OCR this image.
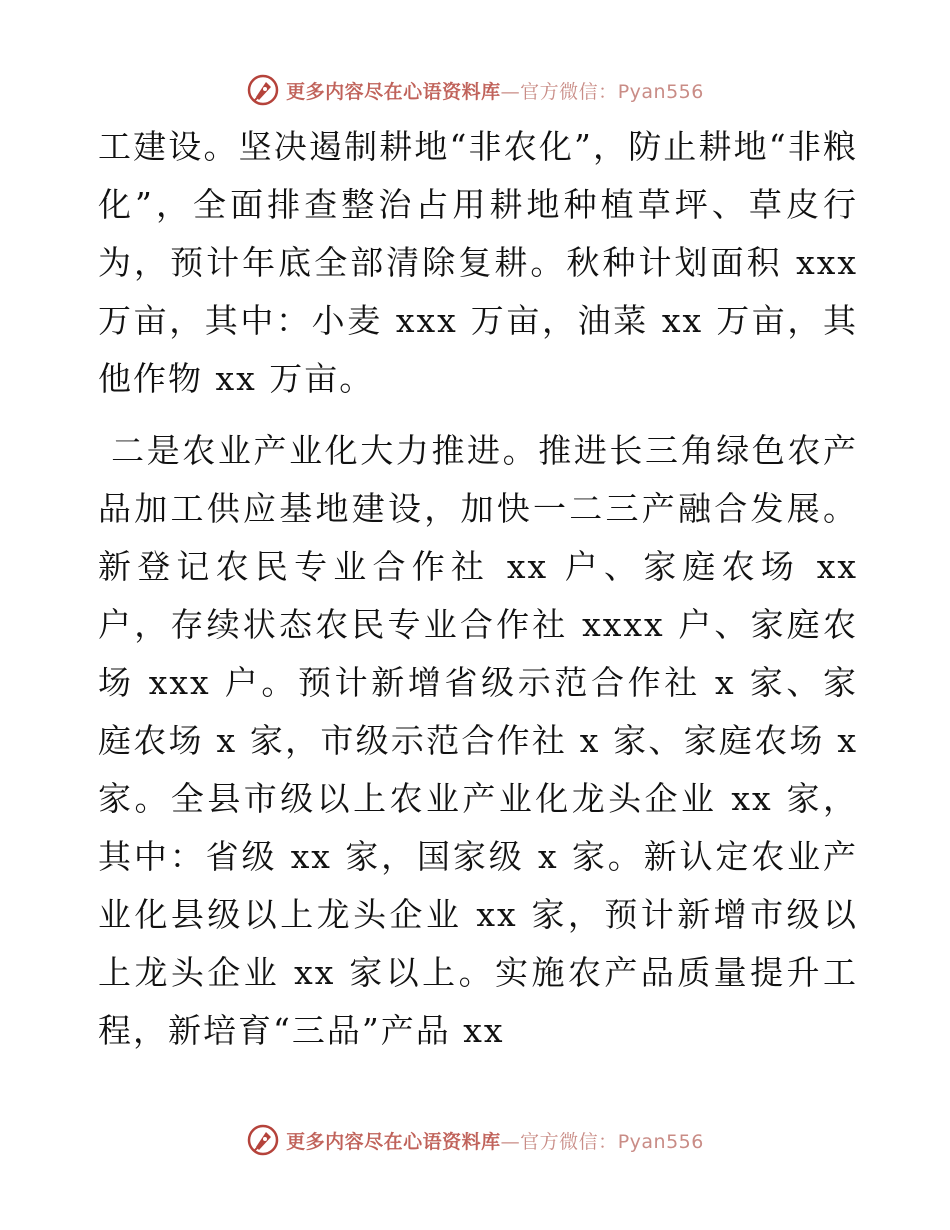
更多内容尽在心语资料库—官方微信：Pyan556

工建设。坚决遏制耕地“非农化”，防止耕地“非粮化”，全面排查整治占用耕地种植草坪、草皮行为，预计年底全部清除复耕。秋种计划面积 xxx 万亩，其中：小麦 xxx 万亩，油菜 xx 万亩，其他作物 xx 万亩。

二是农业产业化大力推进。推进长三角绿色农产品加工供应基地建设，加快一二三产融合发展。新登记农民专业合作社 xx 户、家庭农场 xx 户，存续状态农民专业合作社 xxxx 户、家庭农场 xxx 户。预计新增省级示范合作社 x 家、家庭农场 x 家，市级示范合作社 x 家、家庭农场 x 家。全县市级以上农业产业化龙头企业 xx 家，其中：省级 xx 家，国家级 x 家。新认定农业产业化县级以上龙头企业 xx 家，预计新增市级以上龙头企业 xx 家以上。实施农产品质量提升工程，新培育“三品”产品 xx

更多内容尽在心语资料库—官方微信：Pyan556
